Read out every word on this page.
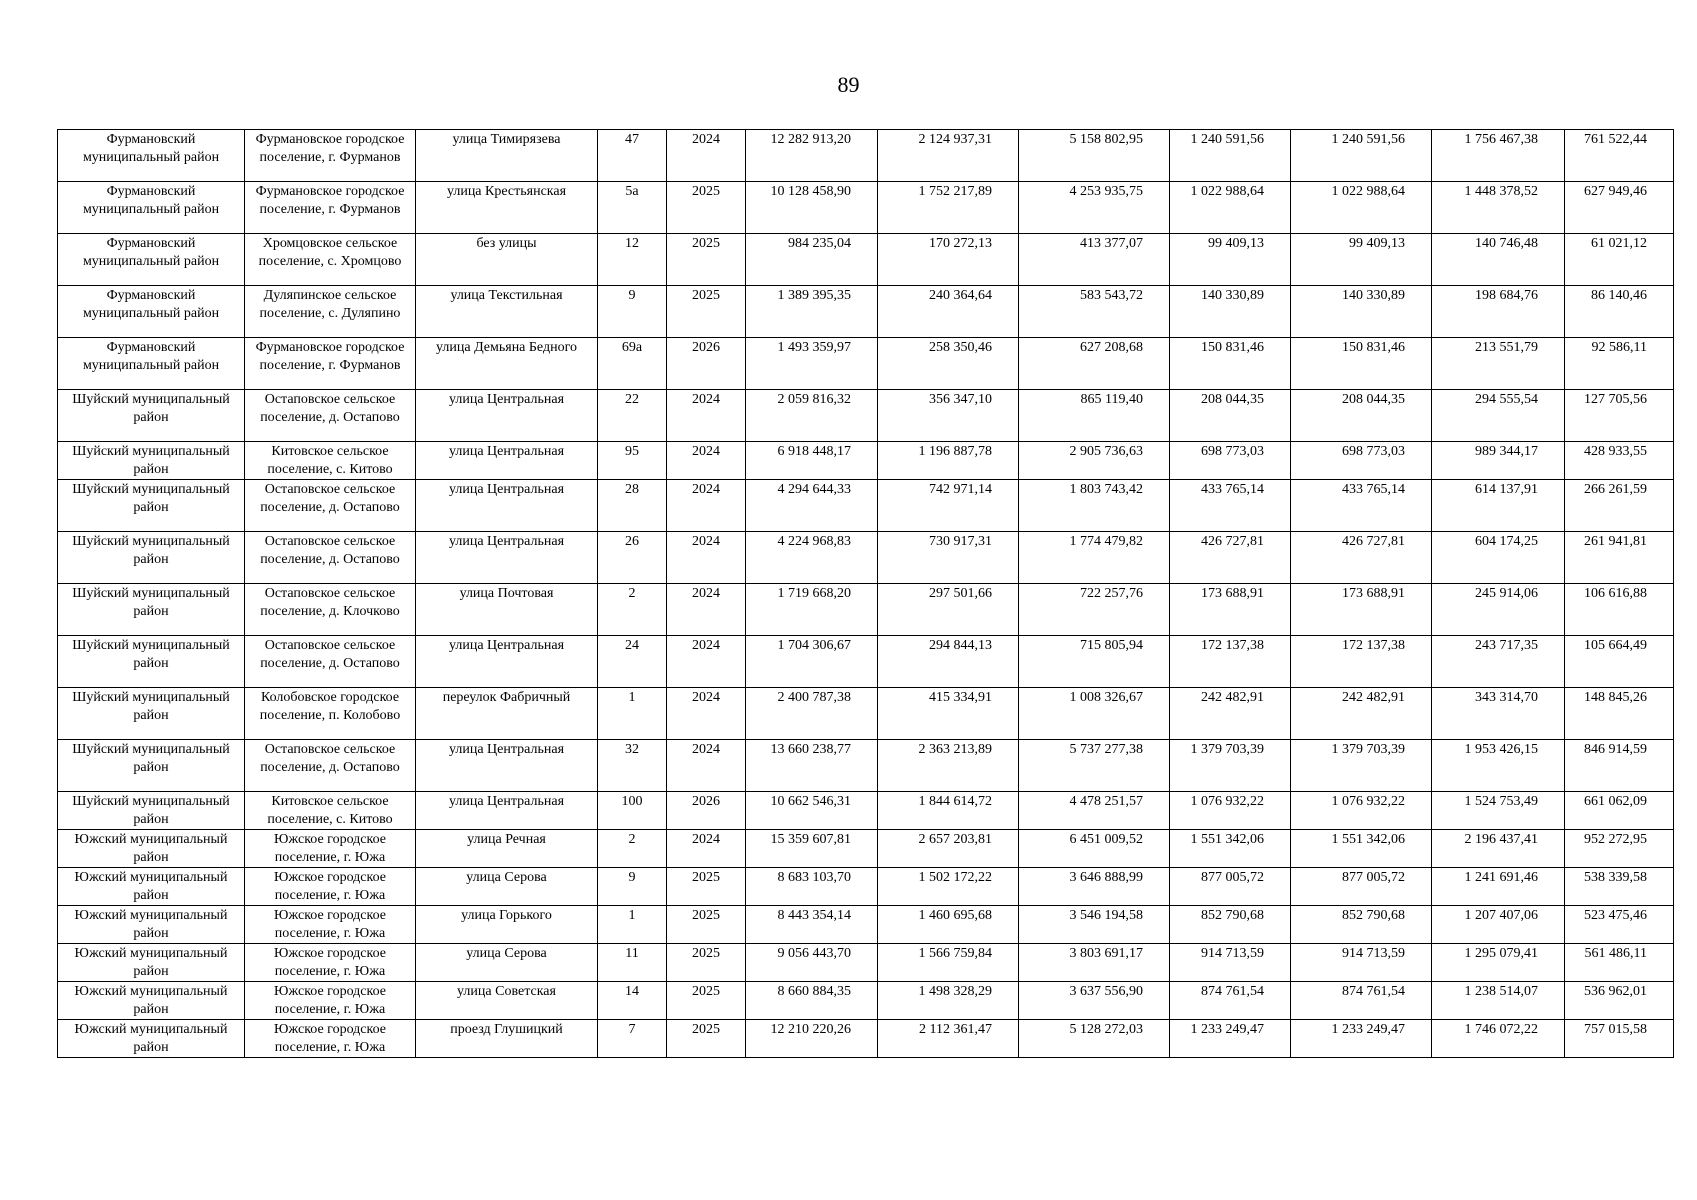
89
Фурмановский муниципальный район	Фурмановское городское поселение, г. Фурманов	улица Тимирязева	47	2024	12 282 913,20	2 124 937,31	5 158 802,95	1 240 591,56	1 240 591,56	1 756 467,38	761 522,44
Фурмановский муниципальный район	Фурмановское городское поселение, г. Фурманов	улица Крестьянская	5а	2025	10 128 458,90	1 752 217,89	4 253 935,75	1 022 988,64	1 022 988,64	1 448 378,52	627 949,46
Фурмановский муниципальный район	Хромцовское сельское поселение, с. Хромцово	без улицы	12	2025	984 235,04	170 272,13	413 377,07	99 409,13	99 409,13	140 746,48	61 021,12
Фурмановский муниципальный район	Дуляпинское сельское поселение, с. Дуляпино	улица Текстильная	9	2025	1 389 395,35	240 364,64	583 543,72	140 330,89	140 330,89	198 684,76	86 140,46
Фурмановский муниципальный район	Фурмановское городское поселение, г. Фурманов	улица Демьяна Бедного	69а	2026	1 493 359,97	258 350,46	627 208,68	150 831,46	150 831,46	213 551,79	92 586,11
Шуйский муниципальный район	Остаповское сельское поселение, д. Остапово	улица Центральная	22	2024	2 059 816,32	356 347,10	865 119,40	208 044,35	208 044,35	294 555,54	127 705,56
Шуйский муниципальный район	Китовское сельское поселение, с. Китово	улица Центральная	95	2024	6 918 448,17	1 196 887,78	2 905 736,63	698 773,03	698 773,03	989 344,17	428 933,55
Шуйский муниципальный район	Остаповское сельское поселение, д. Остапово	улица Центральная	28	2024	4 294 644,33	742 971,14	1 803 743,42	433 765,14	433 765,14	614 137,91	266 261,59
Шуйский муниципальный район	Остаповское сельское поселение, д. Остапово	улица Центральная	26	2024	4 224 968,83	730 917,31	1 774 479,82	426 727,81	426 727,81	604 174,25	261 941,81
Шуйский муниципальный район	Остаповское сельское поселение, д. Клочково	улица Почтовая	2	2024	1 719 668,20	297 501,66	722 257,76	173 688,91	173 688,91	245 914,06	106 616,88
Шуйский муниципальный район	Остаповское сельское поселение, д. Остапово	улица Центральная	24	2024	1 704 306,67	294 844,13	715 805,94	172 137,38	172 137,38	243 717,35	105 664,49
Шуйский муниципальный район	Колобовское городское поселение, п. Колобово	переулок Фабричный	1	2024	2 400 787,38	415 334,91	1 008 326,67	242 482,91	242 482,91	343 314,70	148 845,26
Шуйский муниципальный район	Остаповское сельское поселение, д. Остапово	улица Центральная	32	2024	13 660 238,77	2 363 213,89	5 737 277,38	1 379 703,39	1 379 703,39	1 953 426,15	846 914,59
Шуйский муниципальный район	Китовское сельское поселение, с. Китово	улица Центральная	100	2026	10 662 546,31	1 844 614,72	4 478 251,57	1 076 932,22	1 076 932,22	1 524 753,49	661 062,09
Южский муниципальный район	Южское городское поселение, г. Южа	улица Речная	2	2024	15 359 607,81	2 657 203,81	6 451 009,52	1 551 342,06	1 551 342,06	2 196 437,41	952 272,95
Южский муниципальный район	Южское городское поселение, г. Южа	улица Серова	9	2025	8 683 103,70	1 502 172,22	3 646 888,99	877 005,72	877 005,72	1 241 691,46	538 339,58
Южский муниципальный район	Южское городское поселение, г. Южа	улица Горького	1	2025	8 443 354,14	1 460 695,68	3 546 194,58	852 790,68	852 790,68	1 207 407,06	523 475,46
Южский муниципальный район	Южское городское поселение, г. Южа	улица Серова	11	2025	9 056 443,70	1 566 759,84	3 803 691,17	914 713,59	914 713,59	1 295 079,41	561 486,11
Южский муниципальный район	Южское городское поселение, г. Южа	улица Советская	14	2025	8 660 884,35	1 498 328,29	3 637 556,90	874 761,54	874 761,54	1 238 514,07	536 962,01
Южский муниципальный район	Южское городское поселение, г. Южа	проезд Глушицкий	7	2025	12 210 220,26	2 112 361,47	5 128 272,03	1 233 249,47	1 233 249,47	1 746 072,22	757 015,58
